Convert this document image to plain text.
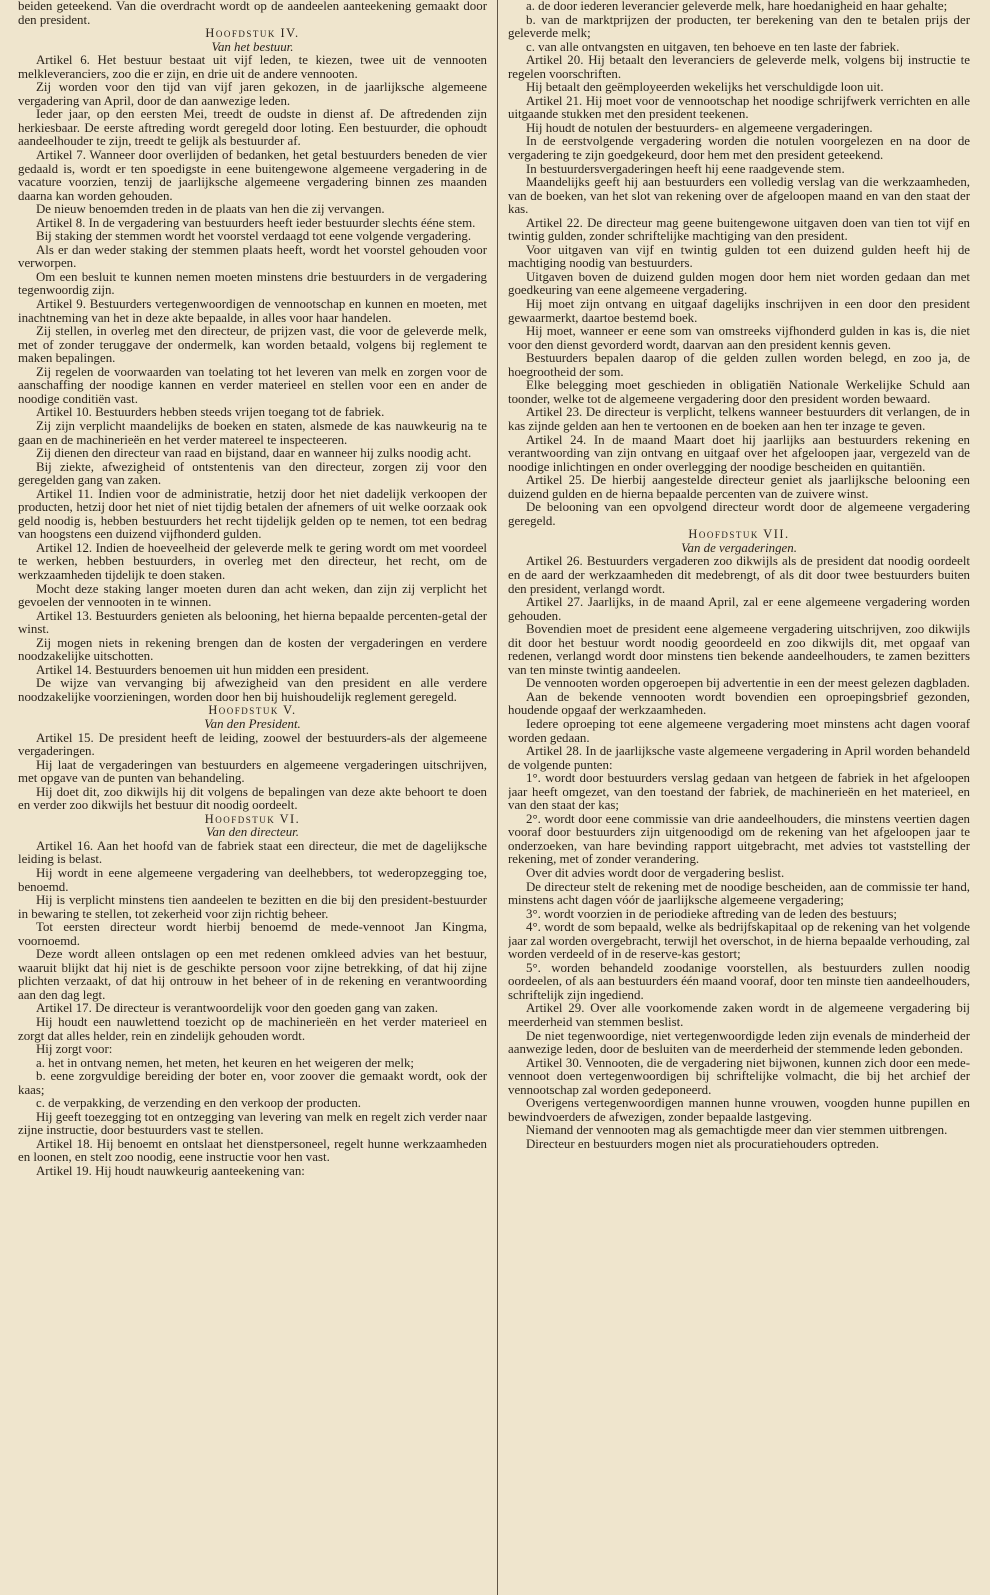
beiden geteekend. Van die overdracht wordt op de aandeelen aanteekening gemaakt door den president.

Hoofdstuk IV.
Van het bestuur.

Artikel 6. Het bestuur bestaat uit vijf leden, te kiezen, twee uit de vennooten melkleveranciers, zoo die er zijn, en drie uit de andere vennooten.

Zij worden voor den tijd van vijf jaren gekozen, in de jaarlijksche algemeene vergadering van April, door de dan aanwezige leden.

Ieder jaar, op den eersten Mei, treedt de oudste in dienst af. De aftredenden zijn herkiesbaar. De eerste aftreding wordt geregeld door loting. Een bestuurder, die ophoudt aandeelhouder te zijn, treedt te gelijk als bestuurder af.

Artikel 7. Wanneer door overlijden of bedanken, het getal bestuurders beneden de vier gedaald is, wordt er ten spoedigste in eene buitengewone algemeene vergadering in de vacature voorzien, tenzij de jaarlijksche algemeene vergadering binnen zes maanden daarna kan worden gehouden.

De nieuw benoemden treden in de plaats van hen die zij vervangen.

Artikel 8. In de vergadering van bestuurders heeft ieder bestuurder slechts ééne stem.

Bij staking der stemmen wordt het voorstel verdaagd tot eene volgende vergadering.

Als er dan weder staking der stemmen plaats heeft, wordt het voorstel gehouden voor verworpen.

Om een besluit te kunnen nemen moeten minstens drie bestuurders in de vergadering tegenwoordig zijn.

Artikel 9. Bestuurders vertegenwoordigen de vennootschap en kunnen en moeten, met inachtneming van het in deze akte bepaalde, in alles voor haar handelen.

Zij stellen, in overleg met den directeur, de prijzen vast, die voor de geleverde melk, met of zonder teruggave der ondermelk, kan worden betaald, volgens bij reglement te maken bepalingen.

Zij regelen de voorwaarden van toelating tot het leveren van melk en zorgen voor de aanschaffing der noodige kannen en verder materieel en stellen voor een en ander de noodige conditiën vast.

Artikel 10. Bestuurders hebben steeds vrijen toegang tot de fabriek.

Zij zijn verplicht maandelijks de boeken en staten, alsmede de kas nauwkeurig na te gaan en de machinerieën en het verder matereel te inspecteeren.

Zij dienen den directeur van raad en bijstand, daar en wanneer hij zulks noodig acht.

Bij ziekte, afwezigheid of ontstentenis van den directeur, zorgen zij voor den geregelden gang van zaken.

Artikel 11. Indien voor de administratie, hetzij door het niet dadelijk verkoopen der producten, hetzij door het niet of niet tijdig betalen der afnemers of uit welke oorzaak ook geld noodig is, hebben bestuurders het recht tijdelijk gelden op te nemen, tot een bedrag van hoogstens een duizend vijfhonderd gulden.

Artikel 12. Indien de hoeveelheid der geleverde melk te gering wordt om met voordeel te werken, hebben bestuurders, in overleg met den directeur, het recht, om de werkzaamheden tijdelijk te doen staken.

Mocht deze staking langer moeten duren dan acht weken, dan zijn zij verplicht het gevoelen der vennooten in te winnen.

Artikel 13. Bestuurders genieten als belooning, het hierna bepaalde percenten-getal der winst.

Zij mogen niets in rekening brengen dan de kosten der vergaderingen en verdere noodzakelijke uitschotten.

Artikel 14. Bestuurders benoemen uit hun midden een president.

De wijze van vervanging bij afwezigheid van den president en alle verdere noodzakelijke voorzieningen, worden door hen bij huishoudelijk reglement geregeld.

Hoofdstuk V.
Van den President.

Artikel 15. De president heeft de leiding, zoowel der bestuurders-als der algemeene vergaderingen.

Hij laat de vergaderingen van bestuurders en algemeene vergaderingen uitschrijven, met opgave van de punten van behandeling.

Hij doet dit, zoo dikwijls hij dit volgens de bepalingen van deze akte behoort te doen en verder zoo dikwijls het bestuur dit noodig oordeelt.

Hoofdstuk VI.
Van den directeur.

Artikel 16. Aan het hoofd van de fabriek staat een directeur, die met de dagelijksche leiding is belast.

Hij wordt in eene algemeene vergadering van deelhebbers, tot wederopzegging toe, benoemd.

Hij is verplicht minstens tien aandeelen te bezitten en die bij den president-bestuurder in bewaring te stellen, tot zekerheid voor zijn richtig beheer.

Tot eersten directeur wordt hierbij benoemd de mede-vennoot Jan Kingma, voornoemd.

Deze wordt alleen ontslagen op een met redenen omkleed advies van het bestuur, waaruit blijkt dat hij niet is de geschikte persoon voor zijne betrekking, of dat hij zijne plichten verzaakt, of dat hij ontrouw in het beheer of in de rekening en verantwoording aan den dag legt.

Artikel 17. De directeur is verantwoordelijk voor den goeden gang van zaken.

Hij houdt een nauwlettend toezicht op de machinerieën en het verder materieel en zorgt dat alles helder, rein en zindelijk gehouden wordt.

Hij zorgt voor:

a. het in ontvang nemen, het meten, het keuren en het weigeren der melk;

b. eene zorgvuldige bereiding der boter en, voor zoover die gemaakt wordt, ook der kaas;

c. de verpakking, de verzending en den verkoop der producten.

Hij geeft toezegging tot en ontzegging van levering van melk en regelt zich verder naar zijne instructie, door bestuurders vast te stellen.

Artikel 18. Hij benoemt en ontslaat het dienstpersoneel, regelt hunne werkzaamheden en loonen, en stelt zoo noodig, eene instructie voor hen vast.

Artikel 19. Hij houdt nauwkeurig aanteekening van:

a. de door iederen leverancier geleverde melk, hare hoedanigheid en haar gehalte;

b. van de marktprijzen der producten, ter berekening van den te betalen prijs der geleverde melk;

c. van alle ontvangsten en uitgaven, ten behoeve en ten laste der fabriek.

Artikel 20. Hij betaalt den leveranciers de geleverde melk, volgens bij instructie te regelen voorschriften.

Hij betaalt den geëmployeerden wekelijks het verschuldigde loon uit.

Artikel 21. Hij moet voor de vennootschap het noodige schrijfwerk verrichten en alle uitgaande stukken met den president teekenen.

Hij houdt de notulen der bestuurders- en algemeene vergaderingen.

In de eerstvolgende vergadering worden die notulen voorgelezen en na door de vergadering te zijn goedgekeurd, door hem met den president geteekend.

In bestuurdersvergaderingen heeft hij eene raadgevende stem.

Maandelijks geeft hij aan bestuurders een volledig verslag van die werkzaamheden, van de boeken, van het slot van rekening over de afgeloopen maand en van den staat der kas.

Artikel 22. De directeur mag geene buitengewone uitgaven doen van tien tot vijf en twintig gulden, zonder schriftelijke machtiging van den president.

Voor uitgaven van vijf en twintig gulden tot een duizend gulden heeft hij de machtiging noodig van bestuurders.

Uitgaven boven de duizend gulden mogen door hem niet worden gedaan dan met goedkeuring van eene algemeene vergadering.

Hij moet zijn ontvang en uitgaaf dagelijks inschrijven in een door den president gewaarmerkt, daartoe bestemd boek.

Hij moet, wanneer er eene som van omstreeks vijfhonderd gulden in kas is, die niet voor den dienst gevorderd wordt, daarvan aan den president kennis geven.

Bestuurders bepalen daarop of die gelden zullen worden belegd, en zoo ja, de hoegrootheid der som.

Elke belegging moet geschieden in obligatiën Nationale Werkelijke Schuld aan toonder, welke tot de algemeene vergadering door den president worden bewaard.

Artikel 23. De directeur is verplicht, telkens wanneer bestuurders dit verlangen, de in kas zijnde gelden aan hen te vertoonen en de boeken aan hen ter inzage te geven.

Artikel 24. In de maand Maart doet hij jaarlijks aan bestuurders rekening en verantwoording van zijn ontvang en uitgaaf over het afgeloopen jaar, vergezeld van de noodige inlichtingen en onder overlegging der noodige bescheiden en quitantiën.

Artikel 25. De hierbij aangestelde directeur geniet als jaarlijksche belooning een duizend gulden en de hierna bepaalde percenten van de zuivere winst.

De belooning van een opvolgend directeur wordt door de algemeene vergadering geregeld.

Hoofdstuk VII.
Van de vergaderingen.

Artikel 26. Bestuurders vergaderen zoo dikwijls als de president dat noodig oordeelt en de aard der werkzaamheden dit medebrengt, of als dit door twee bestuurders buiten den president, verlangd wordt.

Artikel 27. Jaarlijks, in de maand April, zal er eene algemeene vergadering worden gehouden.

Bovendien moet de president eene algemeene vergadering uitschrijven, zoo dikwijls dit door het bestuur wordt noodig geoordeeld en zoo dikwijls dit, met opgaaf van redenen, verlangd wordt door minstens tien bekende aandeelhouders, te zamen bezitters van ten minste twintig aandeelen.

De vennooten worden opgeroepen bij advertentie in een der meest gelezen dagbladen.

Aan de bekende vennooten wordt bovendien een oproepingsbrief gezonden, houdende opgaaf der werkzaamheden.

Iedere oproeping tot eene algemeene vergadering moet minstens acht dagen vooraf worden gedaan.

Artikel 28. In de jaarlijksche vaste algemeene vergadering in April worden behandeld de volgende punten:

1°. wordt door bestuurders verslag gedaan van hetgeen de fabriek in het afgeloopen jaar heeft omgezet, van den toestand der fabriek, de machinerieën en het materieel, en van den staat der kas;

2°. wordt door eene commissie van drie aandeelhouders, die minstens veertien dagen vooraf door bestuurders zijn uitgenoodigd om de rekening van het afgeloopen jaar te onderzoeken, van hare bevinding rapport uitgebracht, met advies tot vaststelling der rekening, met of zonder verandering.

Over dit advies wordt door de vergadering beslist.

De directeur stelt de rekening met de noodige bescheiden, aan de commissie ter hand, minstens acht dagen vóór de jaarlijksche algemeene vergadering;

3°. wordt voorzien in de periodieke aftreding van de leden des bestuurs;

4°. wordt de som bepaald, welke als bedrijfskapitaal op de rekening van het volgende jaar zal worden overgebracht, terwijl het overschot, in de hierna bepaalde verhouding, zal worden verdeeld of in de reserve-kas gestort;

5°. worden behandeld zoodanige voorstellen, als bestuurders zullen noodig oordeelen, of als aan bestuurders één maand vooraf, door ten minste tien aandeelhouders, schriftelijk zijn ingediend.

Artikel 29. Over alle voorkomende zaken wordt in de algemeene vergadering bij meerderheid van stemmen beslist.

De niet tegenwoordige, niet vertegenwoordigde leden zijn evenals de minderheid der aanwezige leden, door de besluiten van de meerderheid der stemmende leden gebonden.

Artikel 30. Vennooten, die de vergadering niet bijwonen, kunnen zich door een mede-vennoot doen vertegenwoordigen bij schriftelijke volmacht, die bij het archief der vennootschap zal worden gedeponeerd.

Overigens vertegenwoordigen mannen hunne vrouwen, voogden hunne pupillen en bewindvoerders de afwezigen, zonder bepaalde lastgeving.

Niemand der vennooten mag als gemachtigde meer dan vier stemmen uitbrengen.

Directeur en bestuurders mogen niet als procuratiehouders optreden.
